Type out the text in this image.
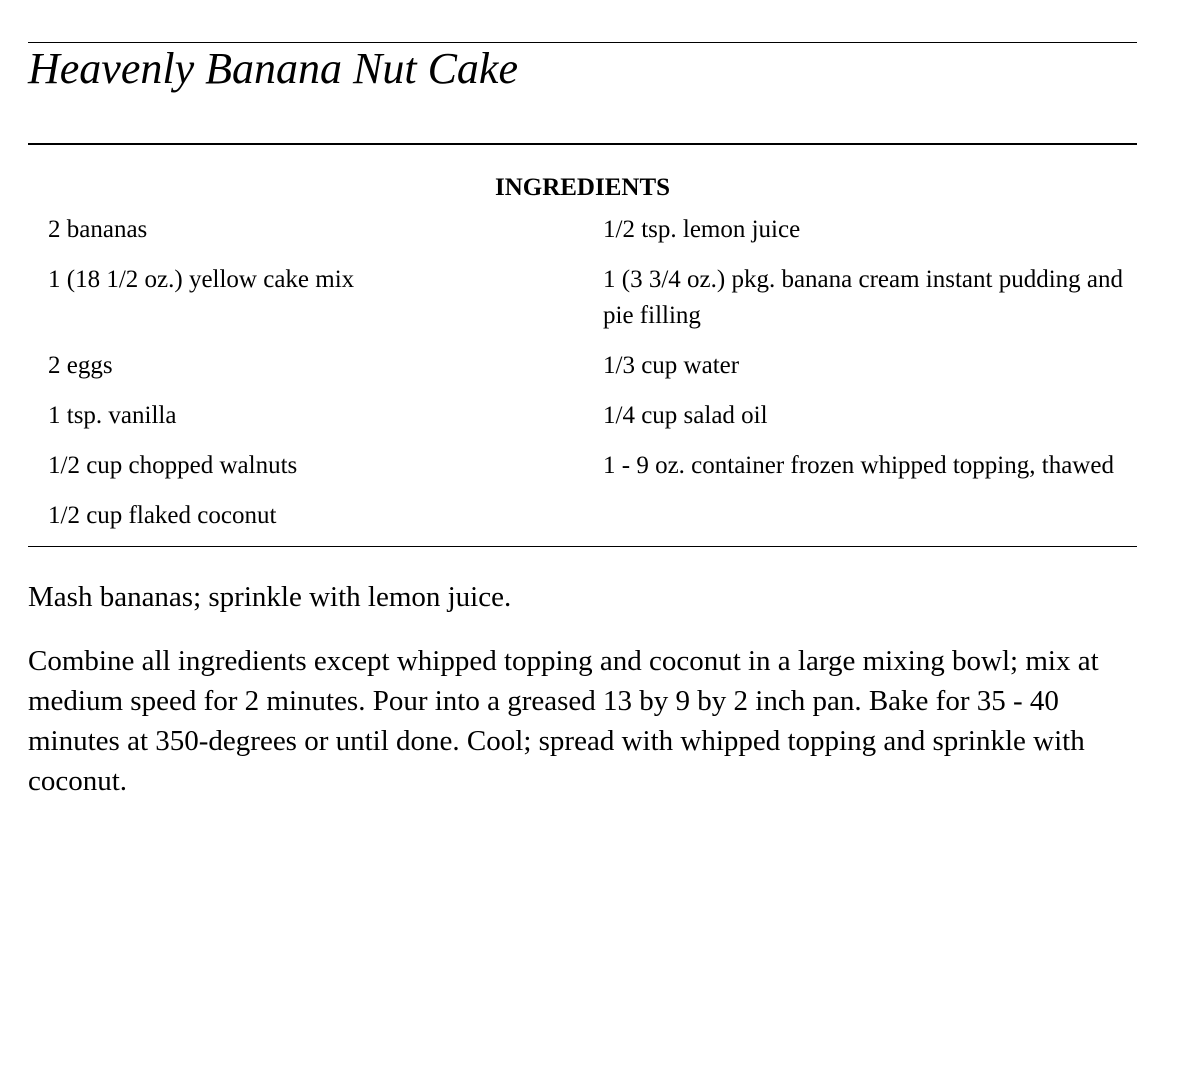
Heavenly Banana Nut Cake
INGREDIENTS
2 bananas	1/2 tsp. lemon juice
1 (18 1/2 oz.) yellow cake mix	1 (3 3/4 oz.) pkg. banana cream instant pudding and pie filling
2 eggs	1/3 cup water
1 tsp. vanilla	1/4 cup salad oil
1/2 cup chopped walnuts	1 - 9 oz. container frozen whipped topping, thawed
1/2 cup flaked coconut

Mash bananas; sprinkle with lemon juice.

Combine all ingredients except whipped topping and coconut in a large mixing bowl; mix at medium speed for 2 minutes. Pour into a greased 13 by 9 by 2 inch pan. Bake for 35 - 40 minutes at 350-degrees or until done. Cool; spread with whipped topping and sprinkle with coconut.
